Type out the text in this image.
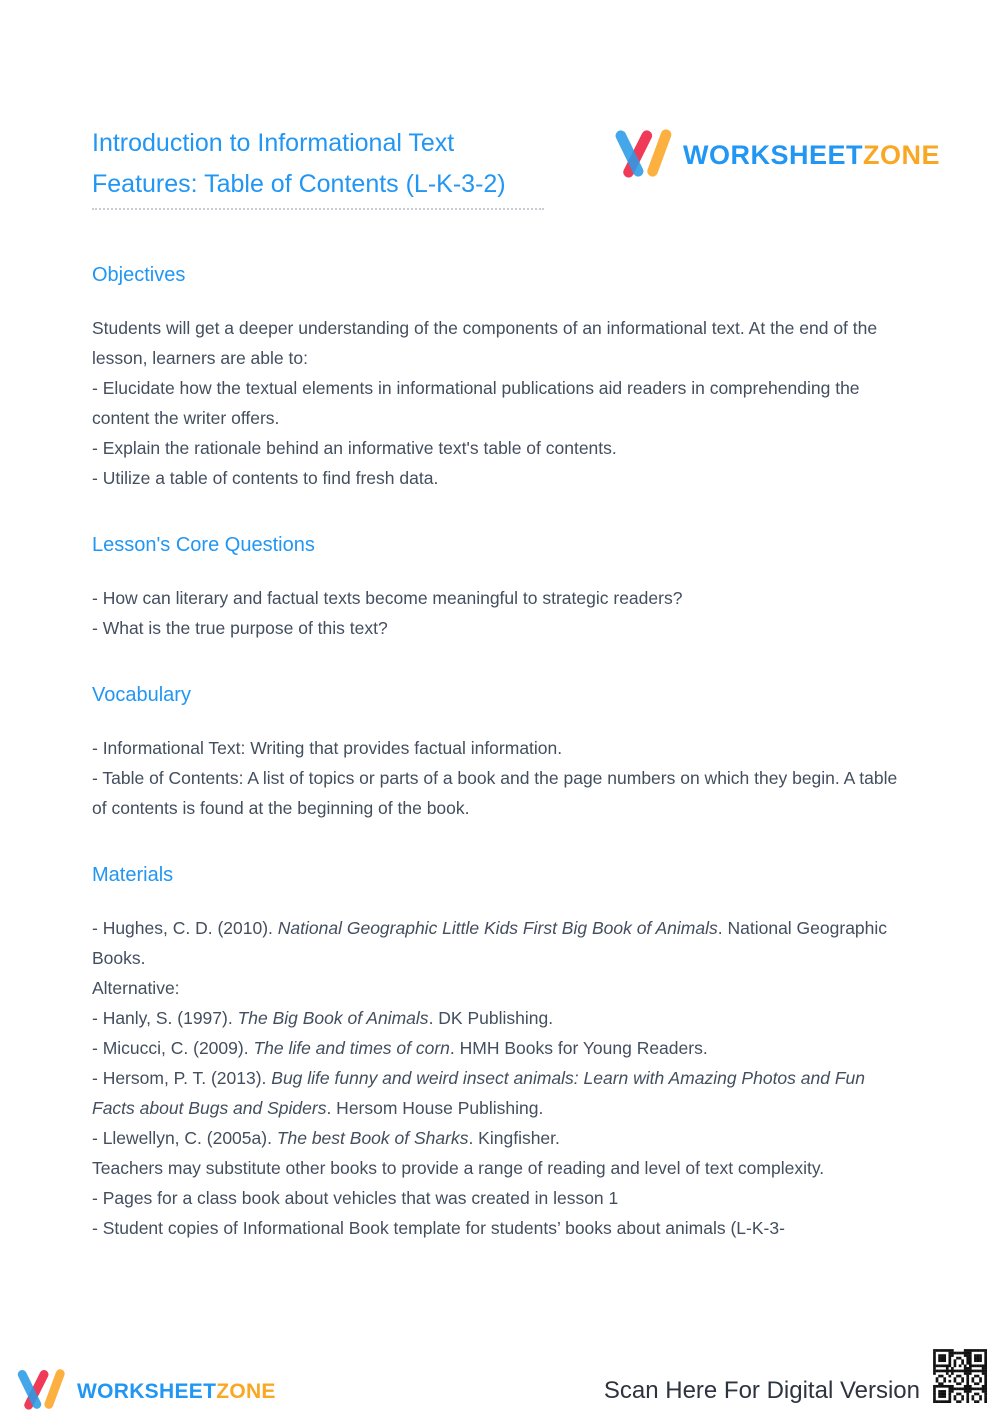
Introduction to Informational Text Features: Table of Contents (L-K-3-2)
WORKSHEETZONE
Objectives
Students will get a deeper understanding of the components of an informational text. At the end of the lesson, learners are able to:
- Elucidate how the textual elements in informational publications aid readers in comprehending the content the writer offers.
- Explain the rationale behind an informative text's table of contents.
- Utilize a table of contents to find fresh data.
Lesson's Core Questions
- How can literary and factual texts become meaningful to strategic readers?
- What is the true purpose of this text?
Vocabulary
- Informational Text: Writing that provides factual information.
- Table of Contents: A list of topics or parts of a book and the page numbers on which they begin. A table of contents is found at the beginning of the book.
Materials
- Hughes, C. D. (2010). National Geographic Little Kids First Big Book of Animals. National Geographic Books.
Alternative:
- Hanly, S. (1997). The Big Book of Animals. DK Publishing.
- Micucci, C. (2009). The life and times of corn. HMH Books for Young Readers.
- Hersom, P. T. (2013). Bug life funny and weird insect animals: Learn with Amazing Photos and Fun Facts about Bugs and Spiders. Hersom House Publishing.
- Llewellyn, C. (2005a). The best Book of Sharks. Kingfisher.
Teachers may substitute other books to provide a range of reading and level of text complexity.
- Pages for a class book about vehicles that was created in lesson 1
- Student copies of Informational Book template for students’ books about animals (L-K-3-
WORKSHEETZONE	Scan Here For Digital Version
